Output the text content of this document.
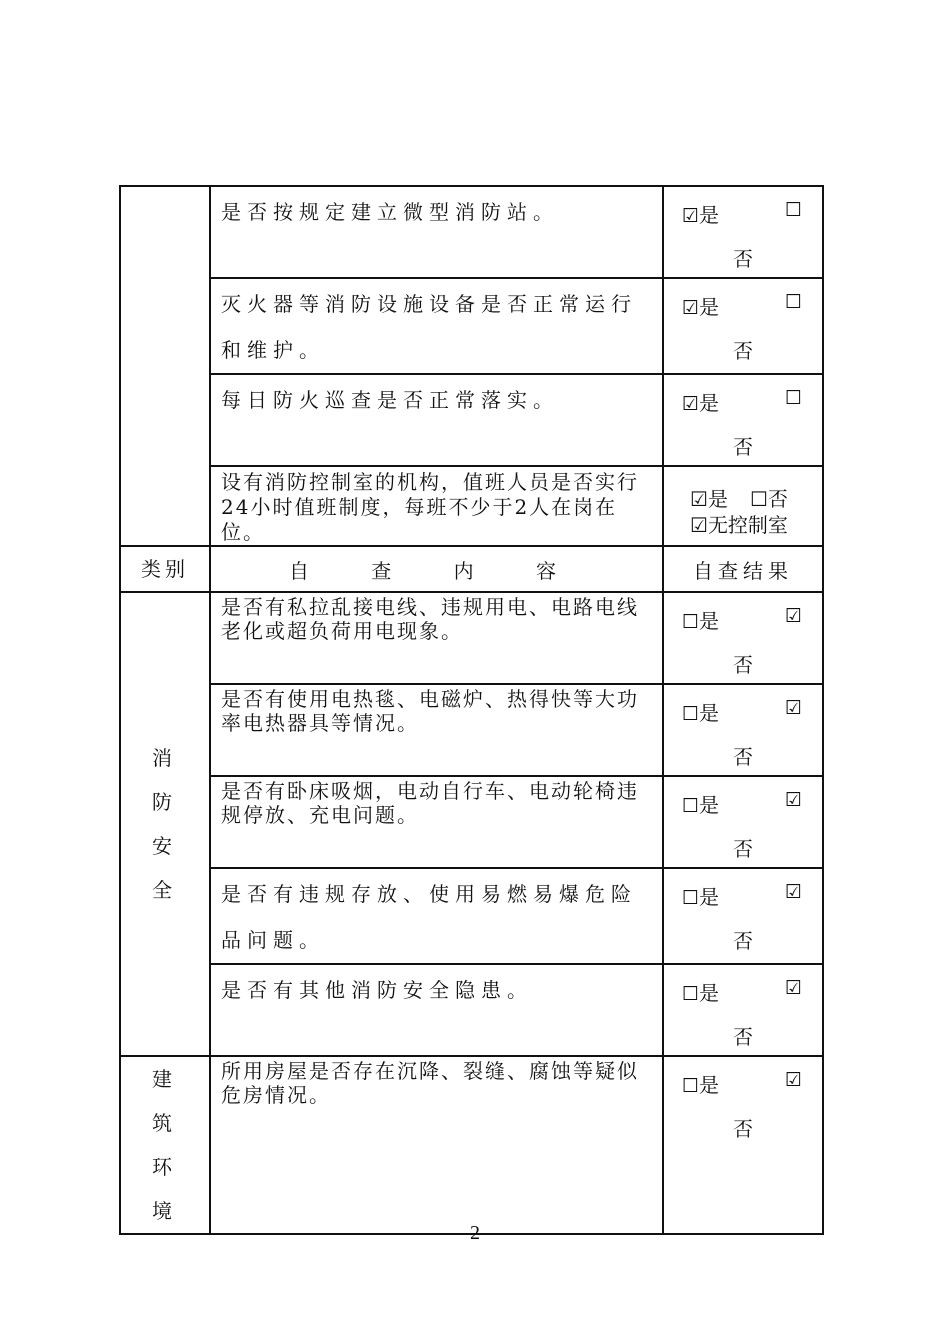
	是否按规定建立微型消防站。	☑是 ☐
否

	灭火器等消防设施设备是否正常运行和维护。	☑是 ☐
否

	每日防火巡查是否正常落实。	☑是 ☐
否

	设有消防控制室的机构，值班人员是否实行24小时值班制度，每班不少于2人在岗在位。	☑是 ☐否
☑无控制室

类别	自 查 内 容	自查结果
消防安全	是否有私拉乱接电线、违规用电、电路电线老化或超负荷用电现象。	☐是 ☑
否

	是否有使用电热毯、电磁炉、热得快等大功率电热器具等情况。	☐是 ☑
否

	是否有卧床吸烟，电动自行车、电动轮椅违规停放、充电问题。	☐是 ☑
否

	是否有违规存放、使用易燃易爆危险品问题。	☐是 ☑
否

	是否有其他消防安全隐患。	☐是 ☑
否

建筑环境	所用房屋是否存在沉降、裂缝、腐蚀等疑似危房情况。	☐是 ☑
否
2
